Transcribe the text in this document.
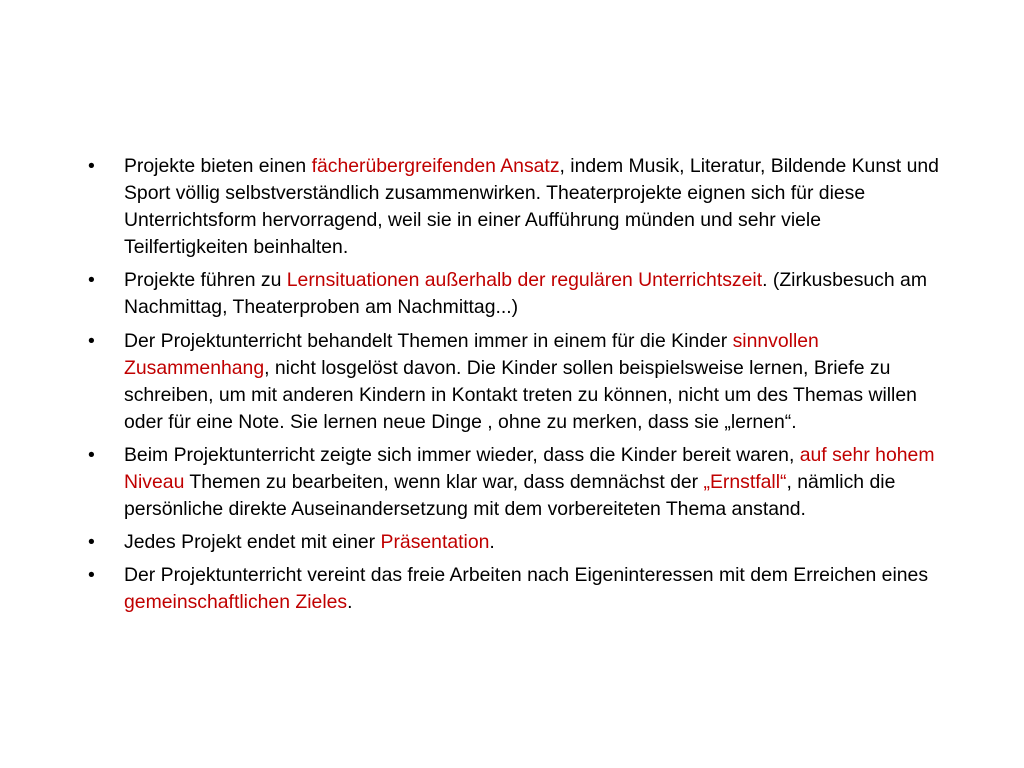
•	Projekte bieten einen fächerübergreifenden Ansatz, indem Musik, Literatur, Bildende Kunst und Sport völlig selbstverständlich zusammenwirken. Theaterprojekte eignen sich für diese Unterrichtsform hervorragend, weil sie in einer Aufführung münden und sehr viele Teilfertigkeiten beinhalten.
•	Projekte führen zu Lernsituationen außerhalb der regulären Unterrichtszeit. (Zirkusbesuch am Nachmittag, Theaterproben am Nachmittag...)
•	Der Projektunterricht behandelt Themen immer in einem für die Kinder sinnvollen Zusammenhang, nicht losgelöst davon. Die Kinder sollen beispielsweise lernen, Briefe zu schreiben, um mit anderen Kindern in Kontakt treten zu können, nicht um des Themas willen oder für eine Note. Sie lernen neue Dinge , ohne zu merken, dass sie „lernen“.
•	Beim Projektunterricht zeigte sich immer wieder, dass die Kinder bereit waren, auf sehr hohem Niveau Themen zu bearbeiten, wenn klar war, dass demnächst der „Ernstfall“, nämlich die persönliche direkte Auseinandersetzung mit dem vorbereiteten Thema anstand.
•	Jedes Projekt endet mit einer Präsentation.
•	Der Projektunterricht vereint das freie Arbeiten nach Eigeninteressen mit dem Erreichen eines gemeinschaftlichen Zieles.
